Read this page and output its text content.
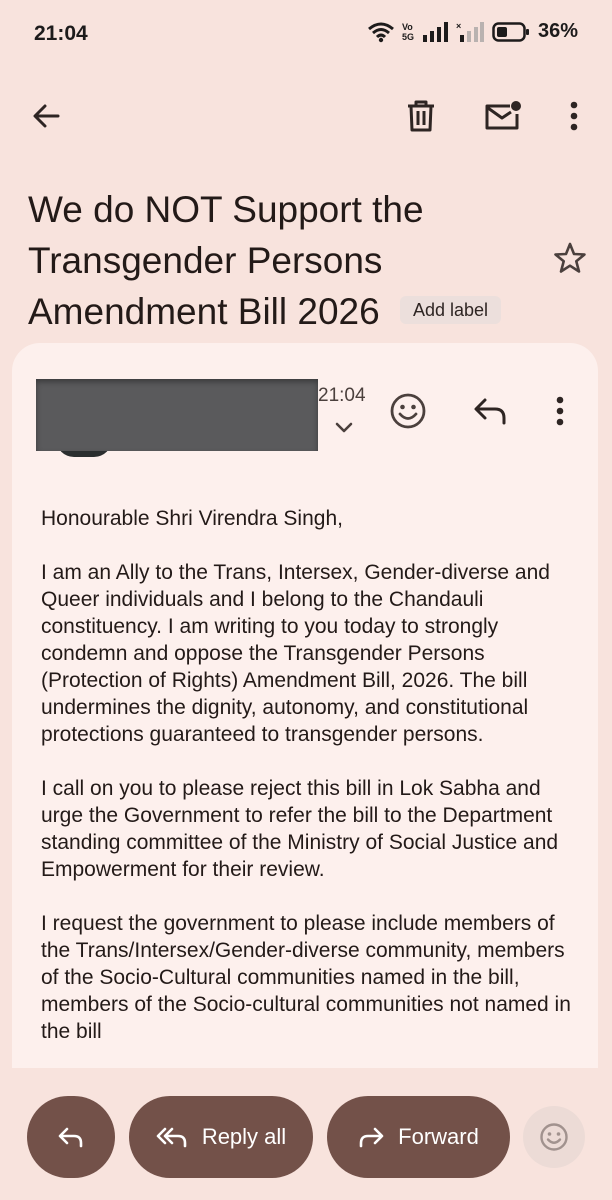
21:04	Vo
5G
×	36%
We do NOT Support the Transgender Persons Amendment Bill 2026 Add label
21:04

Honourable Shri Virendra Singh,

I am an Ally to the Trans, Intersex, Gender-diverse and Queer individuals and I belong to the Chandauli constituency. I am writing to you today to strongly condemn and oppose the Transgender Persons (Protection of Rights) Amendment Bill, 2026. The bill undermines the dignity, autonomy, and constitutional protections guaranteed to transgender persons.

I call on you to please reject this bill in Lok Sabha and urge the Government to refer the bill to the Department standing committee of the Ministry of Social Justice and Empowerment for their review.

I request the government to please include members of the Trans/Intersex/Gender-diverse community, members of the Socio-Cultural communities named in the bill, members of the Socio-cultural communities not named in the bill

Reply all	Forward
